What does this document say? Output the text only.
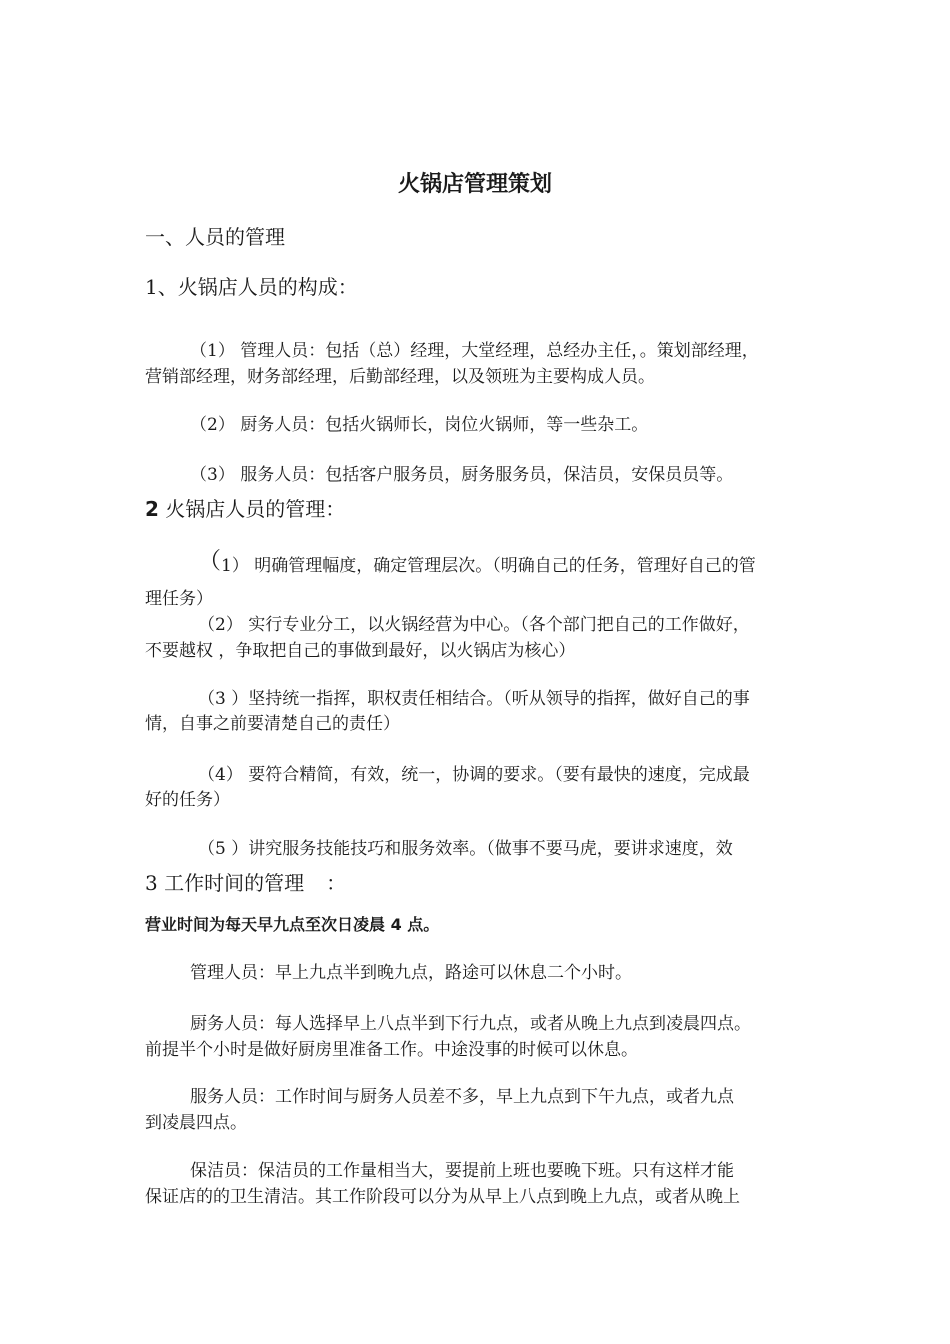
火锅店管理策划

一、人员的管理

1、火锅店人员的构成：

（1） 管理人员：包括（总）经理，大堂经理，总经办主任，。策划部经理，

营销部经理，财务部经理，后勤部经理，以及领班为主要构成人员。

（2） 厨务人员：包括火锅师长，岗位火锅师，等一些杂工。

（3） 服务人员：包括客户服务员，厨务服务员，保洁员，安保员员等。

2 火锅店人员的管理：

（1） 明确管理幅度，确定管理层次。（明确自己的任务，管理好自己的管

理任务）

（2） 实行专业分工，以火锅经营为中心。（各个部门把自己的工作做好，

不要越权 ，争取把自己的事做到最好，以火锅店为核心）

（3 ）坚持统一指挥，职权责任相结合。（听从领导的指挥，做好自己的事

情，自事之前要清楚自己的责任）

（4） 要符合精简，有效，统一，协调的要求。（要有最快的速度，完成最

好的任务）

（5 ）讲究服务技能技巧和服务效率。（做事不要马虎，要讲求速度，效

3 工作时间的管理 ：

营业时间为每天早九点至次日凌晨 4 点。

管理人员：早上九点半到晚九点，路途可以休息二个小时。

厨务人员：每人选择早上八点半到下行九点，或者从晚上九点到凌晨四点。

前提半个小时是做好厨房里准备工作。中途没事的时候可以休息。

服务人员：工作时间与厨务人员差不多，早上九点到下午九点，或者九点

到凌晨四点。

保洁员：保洁员的工作量相当大，要提前上班也要晚下班。只有这样才能

保证店的的卫生清洁。其工作阶段可以分为从早上八点到晚上九点，或者从晚上
